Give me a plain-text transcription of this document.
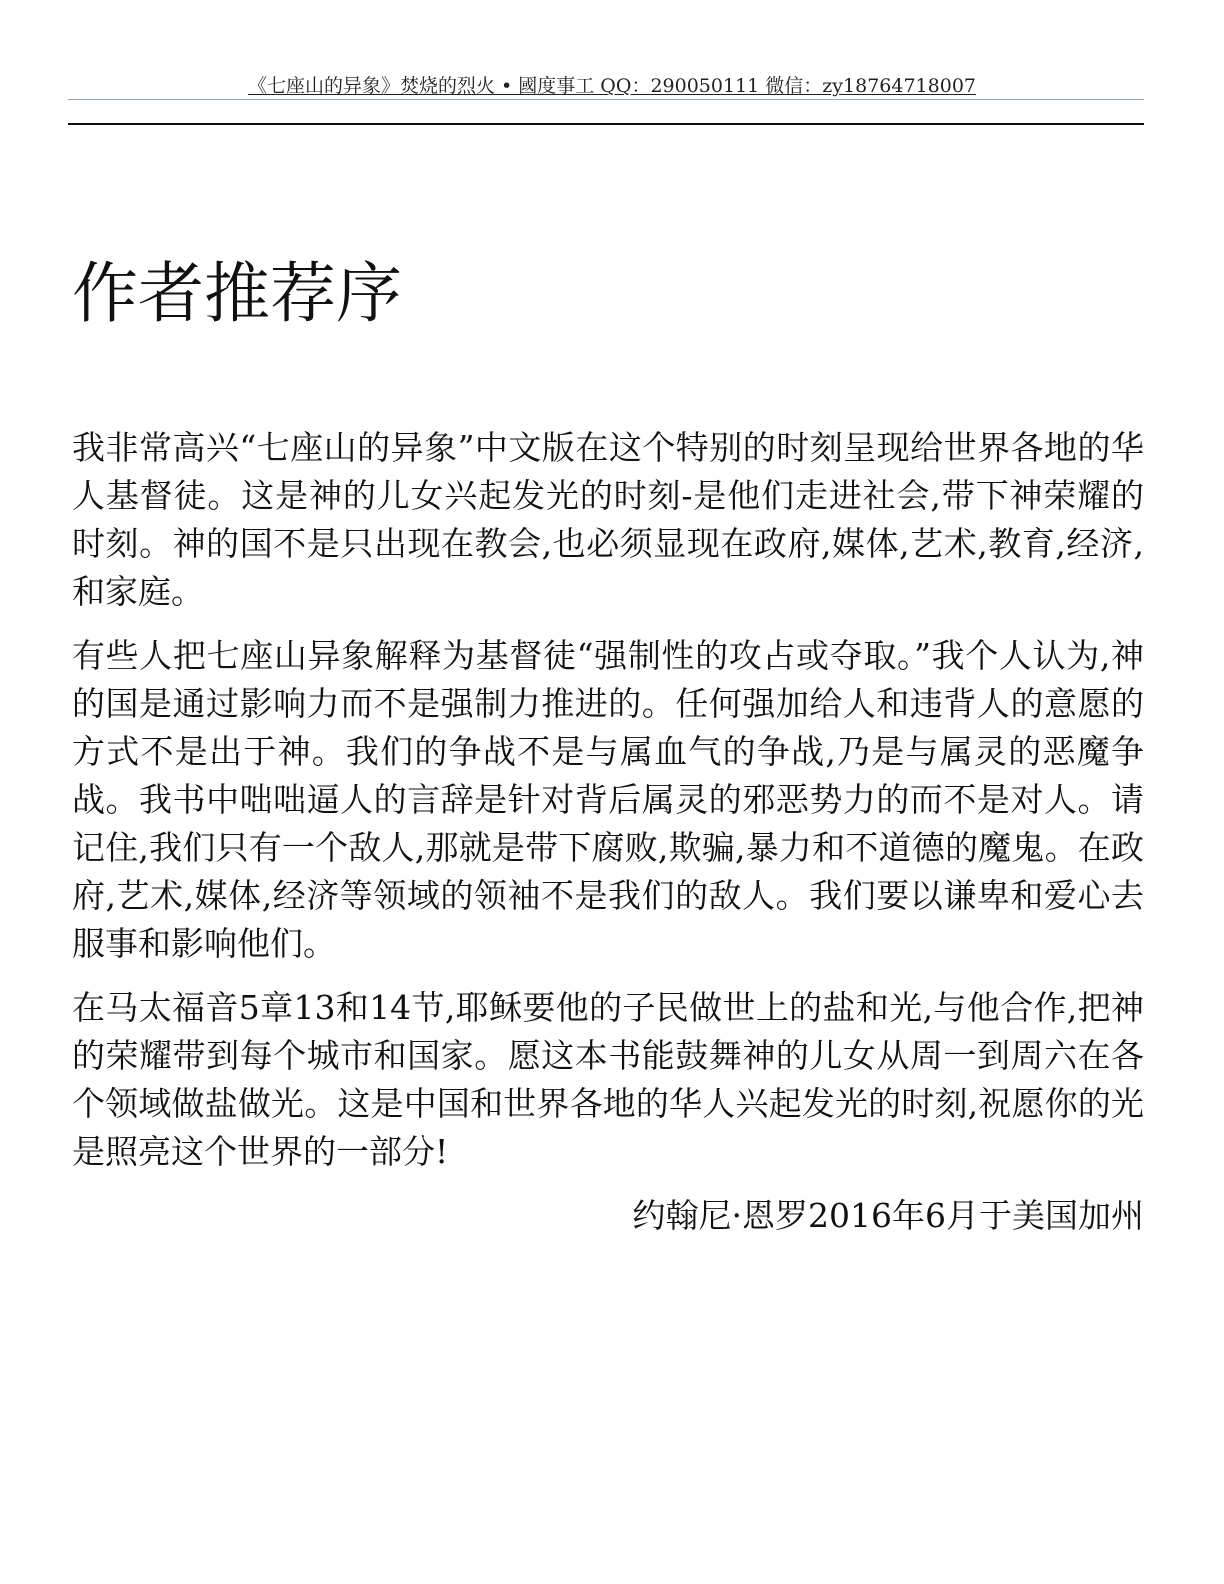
《七座山的异象》焚烧的烈火 • 國度事工 QQ：290050111 微信：zy18764718007
作者推荐序

我非常高兴“七座山的异象”中文版在这个特别的时刻呈现给世界各地的华人基督徒。这是神的儿女兴起发光的时刻-是他们走进社会,带下神荣耀的时刻。神的国不是只出现在教会,也必须显现在政府,媒体,艺术,教育,经济,和家庭。

有些人把七座山异象解释为基督徒“强制性的攻占或夺取。”我个人认为,神的国是通过影响力而不是强制力推进的。任何强加给人和违背人的意愿的方式不是出于神。我们的争战不是与属血气的争战,乃是与属灵的恶魔争战。我书中咄咄逼人的言辞是针对背后属灵的邪恶势力的而不是对人。请记住,我们只有一个敌人,那就是带下腐败,欺骗,暴力和不道德的魔鬼。在政府,艺术,媒体,经济等领域的领袖不是我们的敌人。我们要以谦卑和爱心去服事和影响他们。

在马太福音5章13和14节,耶稣要他的子民做世上的盐和光,与他合作,把神的荣耀带到每个城市和国家。愿这本书能鼓舞神的儿女从周一到周六在各个领域做盐做光。这是中国和世界各地的华人兴起发光的时刻,祝愿你的光是照亮这个世界的一部分!

约翰尼·恩罗2016年6月于美国加州
